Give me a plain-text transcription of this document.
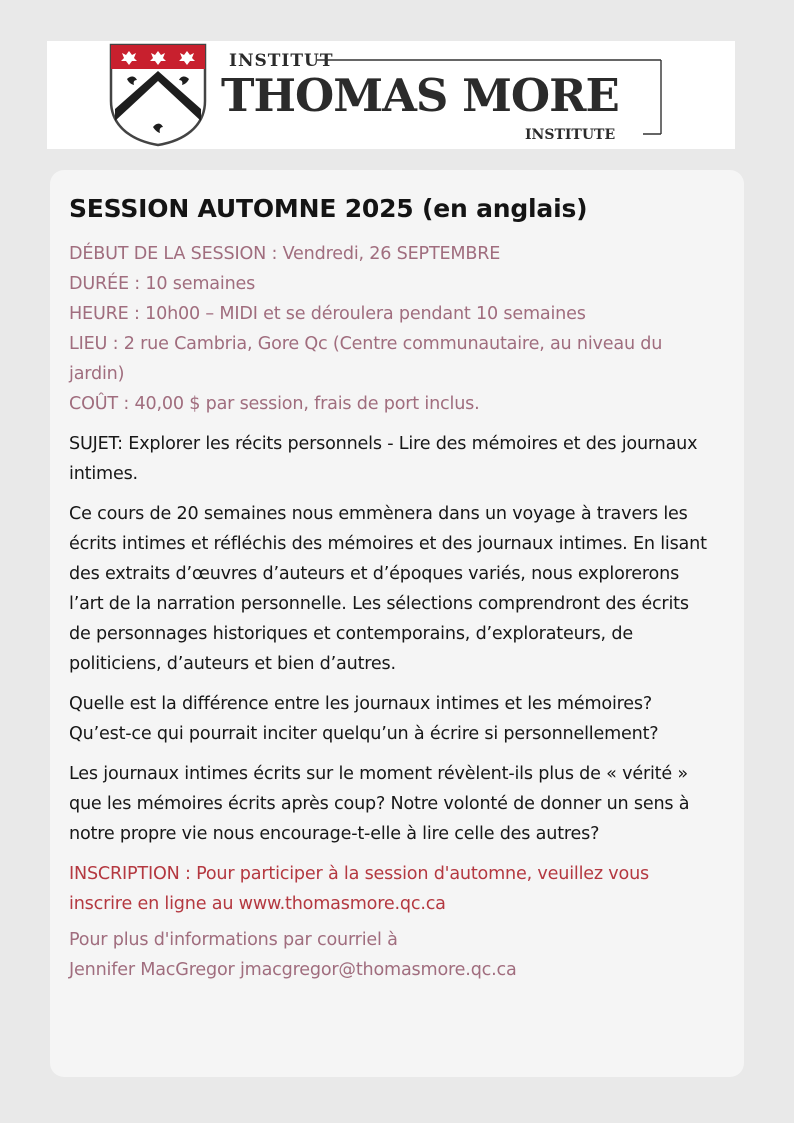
INSTITUT
THOMAS MORE
INSTITUTE
SESSION AUTOMNE 2025 (en anglais)
DÉBUT DE LA SESSION : Vendredi, 26 SEPTEMBRE
DURÉE : 10 semaines
HEURE : 10h00 – MIDI et se déroulera pendant 10 semaines
LIEU : 2 rue Cambria, Gore Qc (Centre communautaire, au niveau du jardin)
COÛT : 40,00 $ par session, frais de port inclus.

SUJET: Explorer les récits personnels - Lire des mémoires et des journaux intimes.

Ce cours de 20 semaines nous emmènera dans un voyage à travers les écrits intimes et réfléchis des mémoires et des journaux intimes. En lisant des extraits d’œuvres d’auteurs et d’époques variés, nous explorerons l’art de la narration personnelle. Les sélections comprendront des écrits de personnages historiques et contemporains, d’explorateurs, de politiciens, d’auteurs et bien d’autres.

Quelle est la différence entre les journaux intimes et les mémoires? Qu’est-ce qui pourrait inciter quelqu’un à écrire si personnellement?

Les journaux intimes écrits sur le moment révèlent-ils plus de « vérité » que les mémoires écrits après coup? Notre volonté de donner un sens à notre propre vie nous encourage-t-elle à lire celle des autres?

INSCRIPTION : Pour participer à la session d'automne, veuillez vous inscrire en ligne au www.thomasmore.qc.ca

Pour plus d'informations par courriel à
Jennifer MacGregor jmacgregor@thomasmore.qc.ca
